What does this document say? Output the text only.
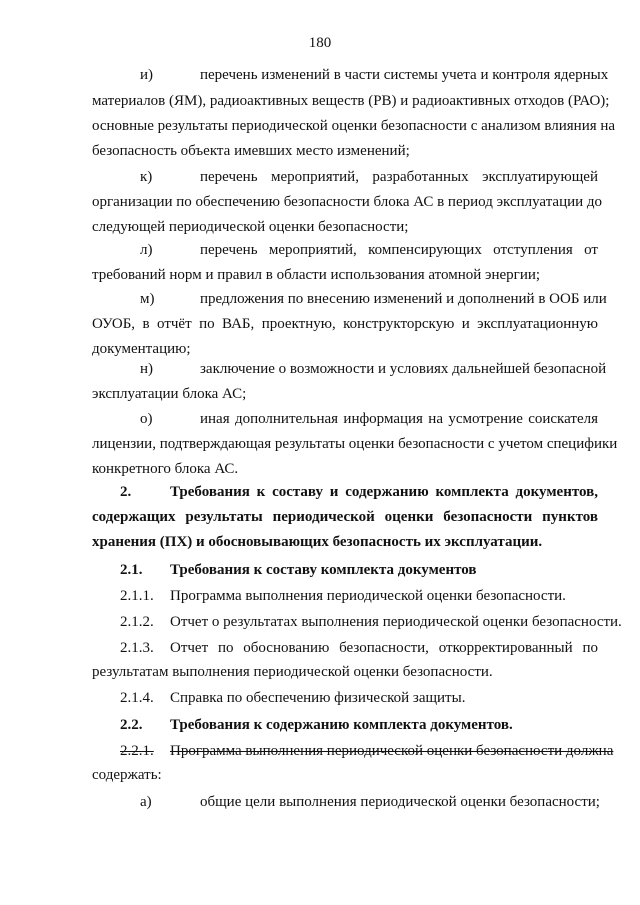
180
и)	перечень изменений в части системы учета и контроля ядерных
материалов (ЯМ), радиоактивных веществ (РВ) и радиоактивных отходов (РАО);
основные результаты периодической оценки безопасности с анализом влияния на
безопасность объекта имевших место изменений;
к)	перечень мероприятий, разработанных эксплуатирующей
организации по обеспечению безопасности блока АС в период эксплуатации до
следующей периодической оценки безопасности;
л)	перечень мероприятий, компенсирующих отступления от
требований норм и правил в области использования атомной энергии;
м)	предложения по внесению изменений и дополнений в ООБ или
ОУОБ, в отчёт по ВАБ, проектную, конструкторскую и эксплуатационную
документацию;
н)	заключение о возможности и условиях дальнейшей безопасной
эксплуатации блока АС;
о)	иная дополнительная информация на усмотрение соискателя
лицензии, подтверждающая результаты оценки безопасности с учетом специфики
конкретного блока АС.
2.	Требования к составу и содержанию комплекта документов,
содержащих результаты периодической оценки безопасности пунктов
хранения (ПХ) и обосновывающих безопасность их эксплуатации.
2.1. Требования к составу комплекта документов
2.1.1. Программа выполнения периодической оценки безопасности.
2.1.2. Отчет о результатах выполнения периодической оценки безопасности.
2.1.3. Отчет по обоснованию безопасности, откорректированный по
результатам выполнения периодической оценки безопасности.
2.1.4. Справка по обеспечению физической защиты.
2.2. Требования к содержанию комплекта документов.
2.2.1. Программа выполнения периодической оценки безопасности должна
содержать:
а)	общие цели выполнения периодической оценки безопасности;
